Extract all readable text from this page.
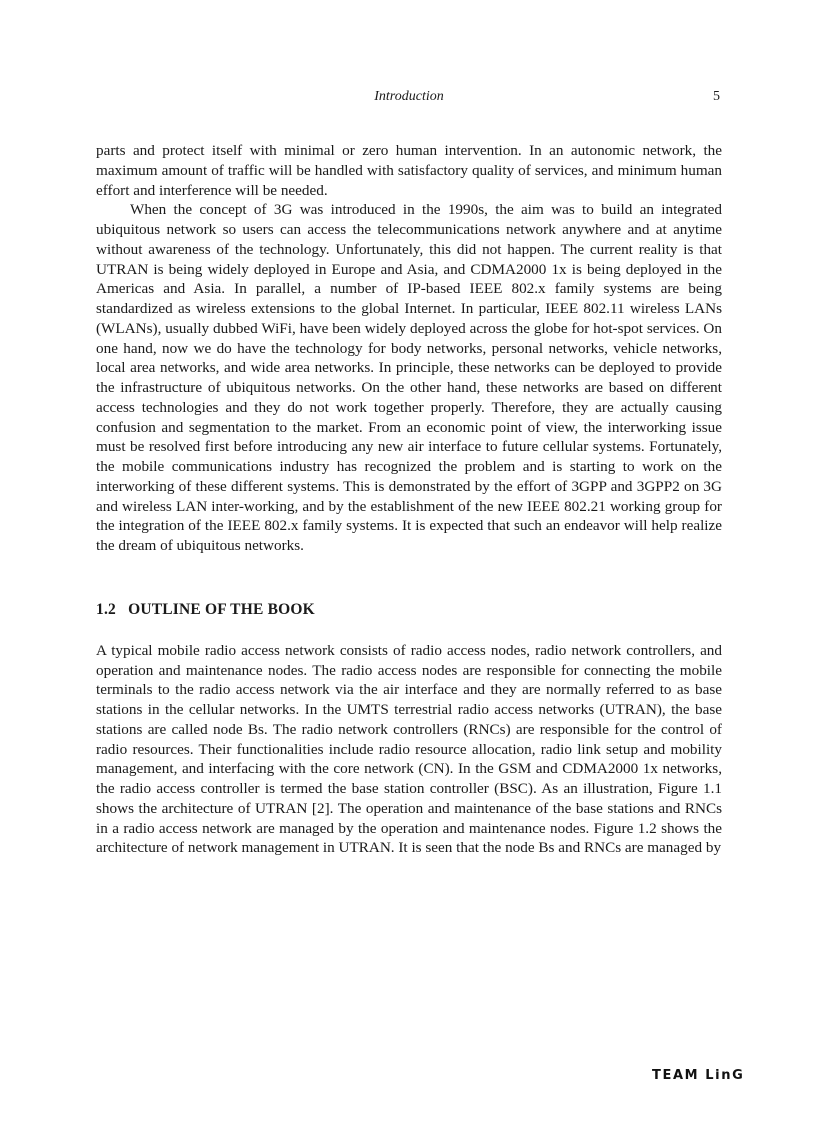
Introduction	5

parts and protect itself with minimal or zero human intervention. In an autonomic network, the maximum amount of traffic will be handled with satisfactory quality of services, and minimum human effort and interference will be needed.

When the concept of 3G was introduced in the 1990s, the aim was to build an integrated ubiquitous network so users can access the telecommunications network anywhere and at anytime without awareness of the technology. Unfortunately, this did not happen. The current reality is that UTRAN is being widely deployed in Europe and Asia, and CDMA2000 1x is being deployed in the Americas and Asia. In parallel, a number of IP-based IEEE 802.x family systems are being standardized as wireless extensions to the global Internet. In particular, IEEE 802.11 wireless LANs (WLANs), usually dubbed WiFi, have been widely deployed across the globe for hot-spot services. On one hand, now we do have the technology for body networks, personal networks, vehicle networks, local area networks, and wide area networks. In principle, these networks can be deployed to provide the infrastructure of ubiquitous networks. On the other hand, these networks are based on different access technologies and they do not work together properly. Therefore, they are actually causing confusion and segmentation to the market. From an economic point of view, the interworking issue must be resolved first before introducing any new air interface to future cellular systems. Fortunately, the mobile communications industry has recognized the problem and is starting to work on the interworking of these different systems. This is demonstrated by the effort of 3GPP and 3GPP2 on 3G and wireless LAN inter-working, and by the establishment of the new IEEE 802.21 working group for the integration of the IEEE 802.x family systems. It is expected that such an endeavor will help realize the dream of ubiquitous networks.

1.2 OUTLINE OF THE BOOK

A typical mobile radio access network consists of radio access nodes, radio network controllers, and operation and maintenance nodes. The radio access nodes are responsible for connecting the mobile terminals to the radio access network via the air interface and they are normally referred to as base stations in the cellular networks. In the UMTS terrestrial radio access networks (UTRAN), the base stations are called node Bs. The radio network controllers (RNCs) are responsible for the control of radio resources. Their functionalities include radio resource allocation, radio link setup and mobility management, and interfacing with the core network (CN). In the GSM and CDMA2000 1x networks, the radio access controller is termed the base station controller (BSC). As an illustration, Figure 1.1 shows the architecture of UTRAN [2]. The operation and maintenance of the base stations and RNCs in a radio access network are managed by the operation and maintenance nodes. Figure 1.2 shows the architecture of network management in UTRAN. It is seen that the node Bs and RNCs are managed by

TEAM LinG
